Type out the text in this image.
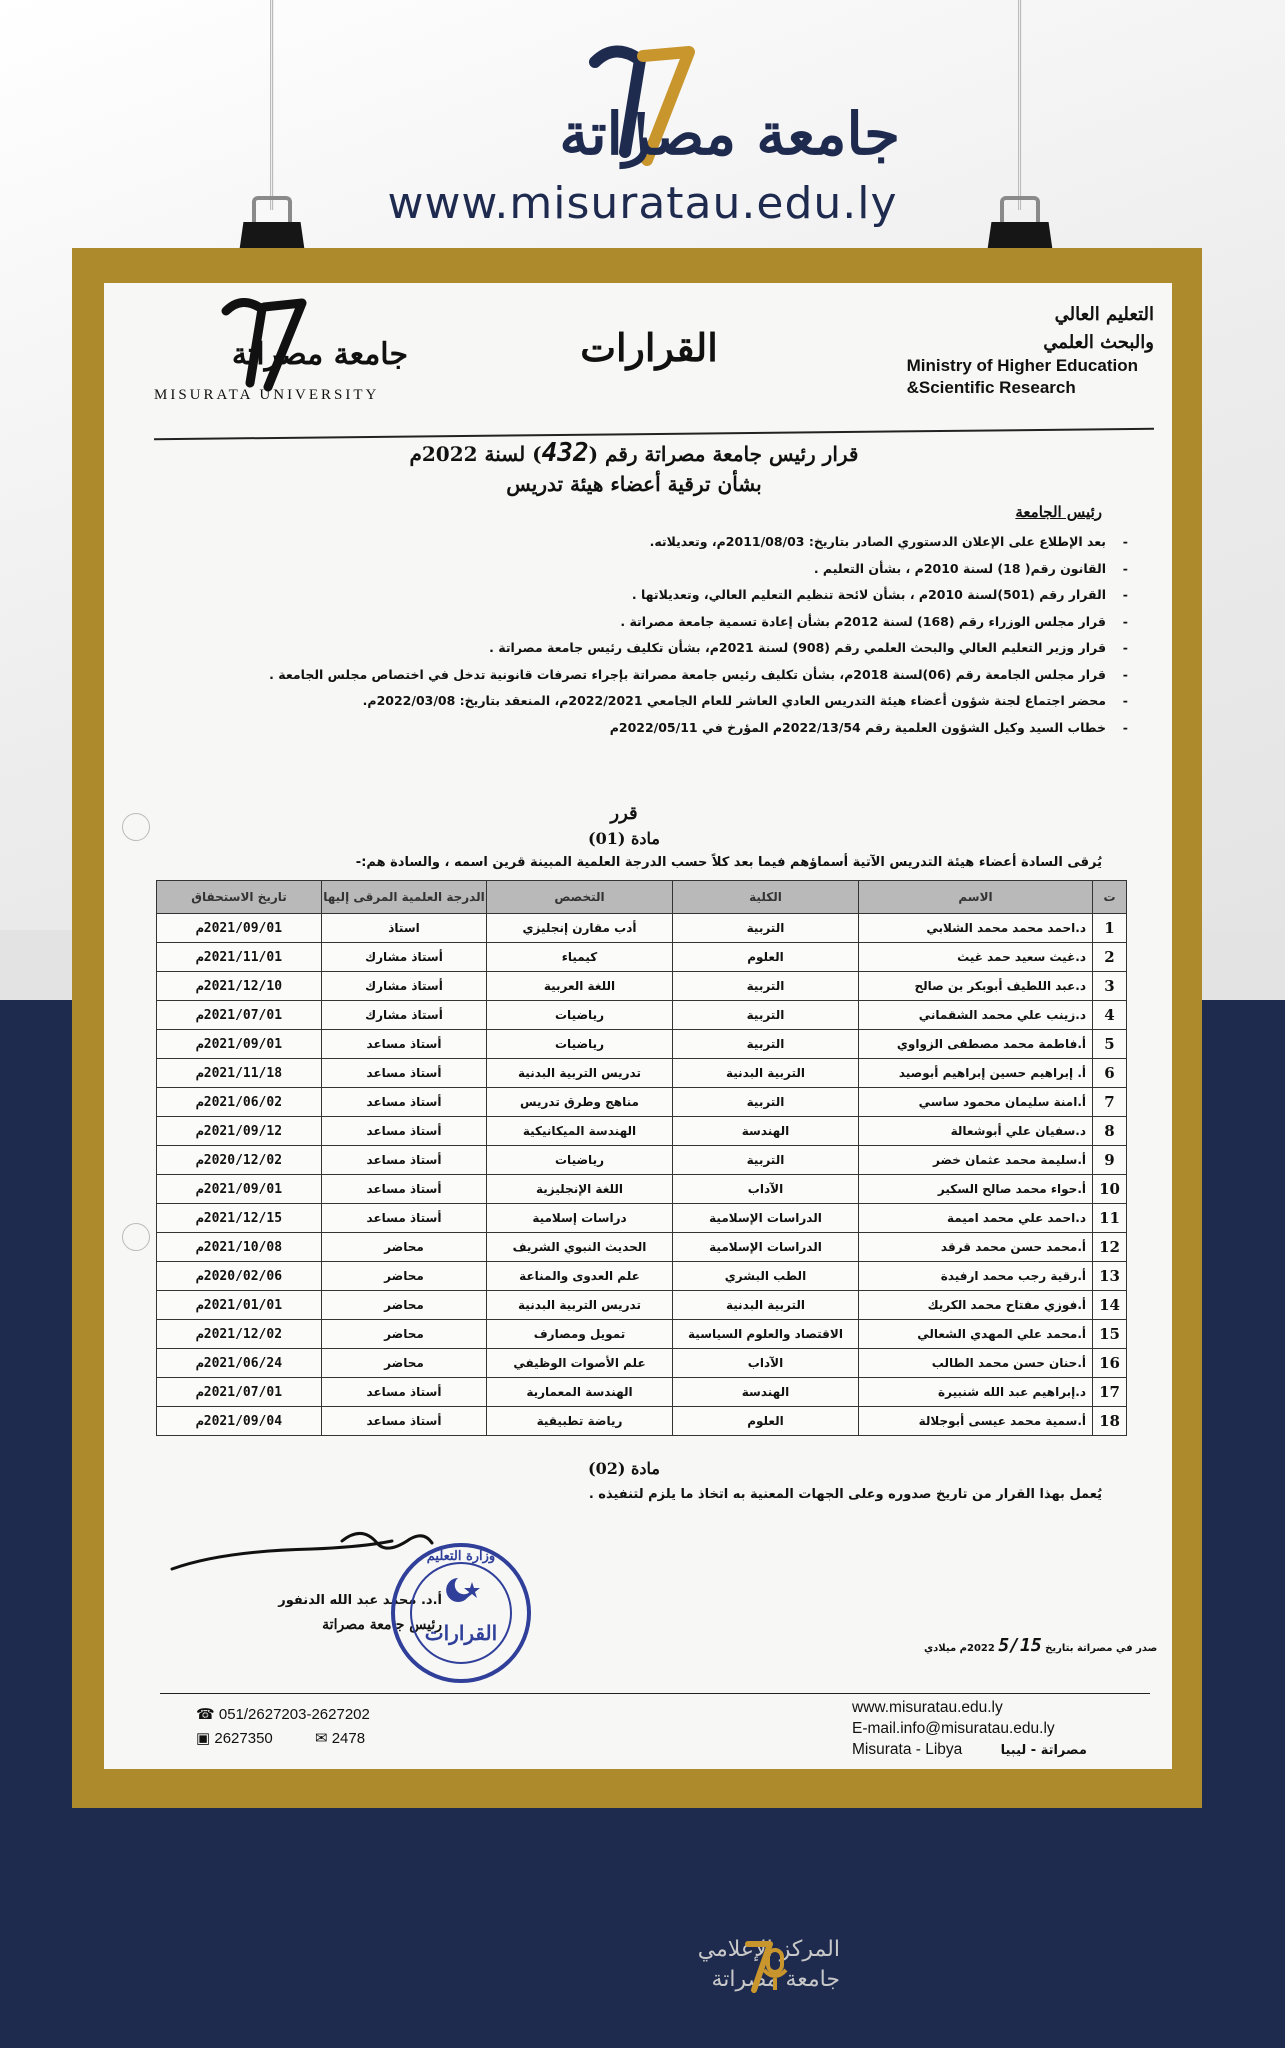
جامعة مصراتة
www.misuratau.edu.ly
التعليم العالي
والبحث العلمي
Ministry of Higher Education
&Scientific Research
القرارات
جامعة مصراتة
MISURATA UNIVERSITY
قرار رئيس جامعة مصراتة رقم (432) لسنة 2022م
بشأن ترقية أعضاء هيئة تدريس
رئيس الجامعة
- بعد الإطلاع على الإعلان الدستوري الصادر بتاريخ: 2011/08/03م، وتعديلاته.
- القانون رقم( 18) لسنة 2010م ، بشأن التعليم .
- القرار رقم (501)لسنة 2010م ، بشأن لائحة تنظيم التعليم العالي، وتعديلاتها .
- قرار مجلس الوزراء رقم (168) لسنة 2012م بشأن إعادة تسمية جامعة مصراتة .
- قرار وزير التعليم العالي والبحث العلمي رقم (908) لسنة 2021م، بشأن تكليف رئيس جامعة مصراتة .
- قرار مجلس الجامعة رقم (06)لسنة 2018م، بشأن تكليف رئيس جامعة مصراتة بإجراء تصرفات قانونية تدخل في اختصاص مجلس الجامعة .
- محضر اجتماع لجنة شؤون أعضاء هيئة التدريس العادي العاشر للعام الجامعي 2022/2021م، المنعقد بتاريخ: 2022/03/08م.
- خطاب السيد وكيل الشؤون العلمية رقم 2022/13/54م المؤرخ في 2022/05/11م
قرر
مادة (01)
يُرقى السادة أعضاء هيئة التدريس الآتية أسماؤهم فيما بعد كلاً حسب الدرجة العلمية المبينة قرين اسمه ، والسادة هم:-
ت	الاسم	الكلية	التخصص	الدرجة العلمية المرقى إليها	تاريخ الاستحقاق
1	د.احمد محمد محمد الشلابي	التربية	أدب مقارن إنجليزي	استاذ	2021/09/01م
2	د.غيث سعيد حمد غيث	العلوم	كيمياء	أستاذ مشارك	2021/11/01م
3	د.عبد اللطيف أبوبكر بن صالح	التربية	اللغة العربية	أستاذ مشارك	2021/12/10م
4	د.زينب علي محمد الشقماني	التربية	رياضيات	أستاذ مشارك	2021/07/01م
5	أ.فاطمة محمد مصطفى الزواوي	التربية	رياضيات	أستاذ مساعد	2021/09/01م
6	أ. إبراهيم حسين إبراهيم أبوصيد	التربية البدنية	تدريس التربية البدنية	أستاذ مساعد	2021/11/18م
7	أ.امنة سليمان محمود ساسي	التربية	مناهج وطرق تدريس	أستاذ مساعد	2021/06/02م
8	د.سفيان علي أبوشعالة	الهندسة	الهندسة الميكانيكية	أستاذ مساعد	2021/09/12م
9	أ.سليمة محمد عثمان خضر	التربية	رياضيات	أستاذ مساعد	2020/12/02م
10	أ.حواء محمد صالح السكير	الآداب	اللغة الإنجليزية	أستاذ مساعد	2021/09/01م
11	د.احمد علي محمد اميمة	الدراسات الإسلامية	دراسات إسلامية	أستاذ مساعد	2021/12/15م
12	أ.محمد حسن محمد قرقد	الدراسات الإسلامية	الحديث النبوي الشريف	محاضر	2021/10/08م
13	أ.رقية رجب محمد ارفيدة	الطب البشري	علم العدوى والمناعة	محاضر	2020/02/06م
14	أ.فوزي مفتاح محمد الكريك	التربية البدنية	تدريس التربية البدنية	محاضر	2021/01/01م
15	أ.محمد علي المهدي الشعالي	الاقتصاد والعلوم السياسية	تمويل ومصارف	محاضر	2021/12/02م
16	أ.حنان حسن محمد الطالب	الآداب	علم الأصوات الوظيفي	محاضر	2021/06/24م
17	د.إبراهيم عبد الله شنبيرة	الهندسة	الهندسة المعمارية	أستاذ مساعد	2021/07/01م
18	أ.سمية محمد عيسى أبوجلالة	العلوم	رياضة تطبيقية	أستاذ مساعد	2021/09/04م
مادة (02)
يُعمل بهذا القرار من تاريخ صدوره وعلى الجهات المعنية به اتخاذ ما يلزم لتنفيذه .
أ.د. محمد عبد الله الدنفور
رئيس جامعة مصراتة
القرارات
وزارة التعليم
صدر في مصراتة بتاريخ 5/15 2022م ميلادي
☎ 051/2627203-2627202
▣ 2627350	✉ 2478
www.misuratau.edu.ly
E-mail.info@misuratau.edu.ly
Misurata - Libya	مصراتة - ليبيا
المركز الإعلامي
جامعة مصراتة
